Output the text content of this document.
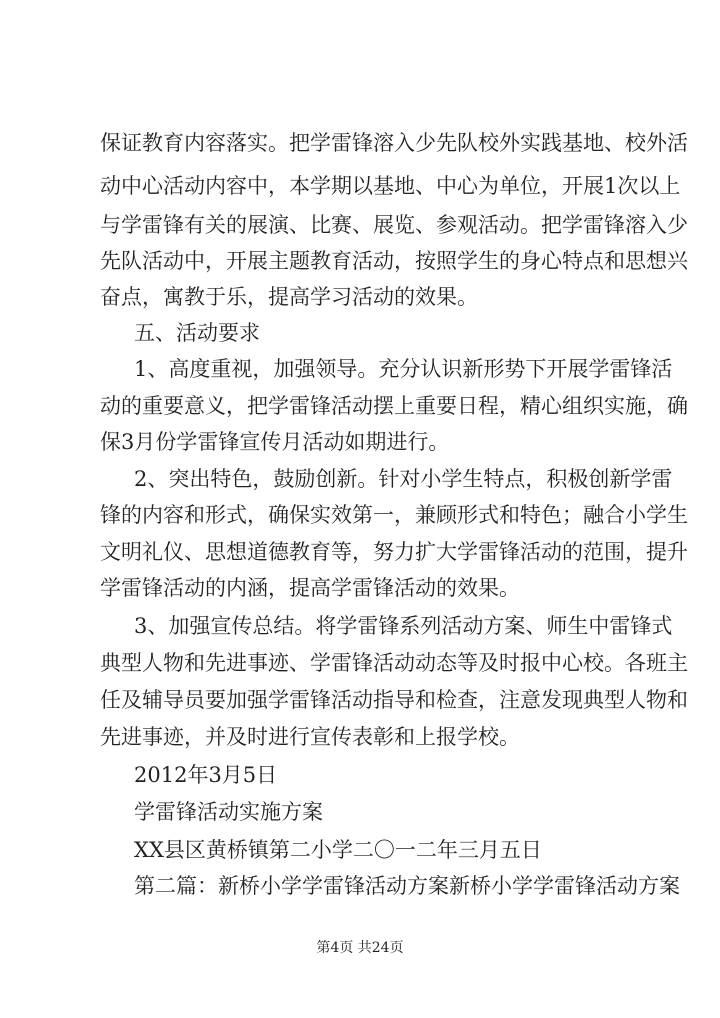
保证教育内容落实。把学雷锋溶入少先队校外实践基地、校外活
动中心活动内容中，本学期以基地、中心为单位，开展1次以上
与学雷锋有关的展演、比赛、展览、参观活动。把学雷锋溶入少
先队活动中，开展主题教育活动，按照学生的身心特点和思想兴
奋点，寓教于乐，提高学习活动的效果。
五、活动要求
1、高度重视，加强领导。充分认识新形势下开展学雷锋活
动的重要意义，把学雷锋活动摆上重要日程，精心组织实施，确
保3月份学雷锋宣传月活动如期进行。
2、突出特色，鼓励创新。针对小学生特点，积极创新学雷
锋的内容和形式，确保实效第一，兼顾形式和特色；融合小学生
文明礼仪、思想道德教育等，努力扩大学雷锋活动的范围，提升
学雷锋活动的内涵，提高学雷锋活动的效果。
3、加强宣传总结。将学雷锋系列活动方案、师生中雷锋式
典型人物和先进事迹、学雷锋活动动态等及时报中心校。各班主
任及辅导员要加强学雷锋活动指导和检查，注意发现典型人物和
先进事迹，并及时进行宣传表彰和上报学校。
2012年3月5日
学雷锋活动实施方案
XX县区黄桥镇第二小学二〇一二年三月五日
第二篇：新桥小学学雷锋活动方案新桥小学学雷锋活动方案
第4页 共24页
